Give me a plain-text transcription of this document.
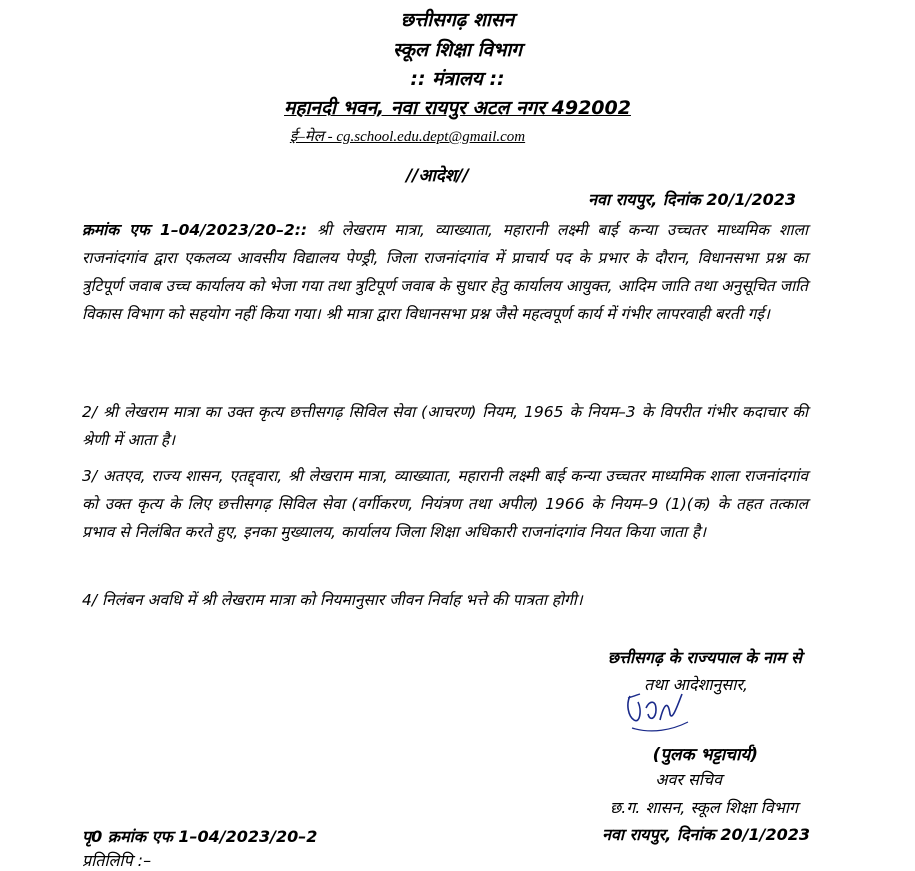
छत्तीसगढ़ शासन
स्कूल शिक्षा विभाग
:: मंत्रालय ::
महानदी भवन, नवा रायपुर अटल नगर 492002
ई–मेल - cg.school.edu.dept@gmail.com
//आदेश//
नवा रायपुर, दिनांक 20/1/2023
क्रमांक एफ 1–04/2023/20–2:: श्री लेखराम मात्रा, व्याख्याता, महारानी लक्ष्मी बाई कन्या उच्चतर माध्यमिक शाला राजनांदगांव द्वारा एकलव्य आवसीय विद्यालय पेण्ड्री, जिला राजनांदगांव में प्राचार्य पद के प्रभार के दौरान, विधानसभा प्रश्न का त्रुटिपूर्ण जवाब उच्च कार्यालय को भेजा गया तथा त्रुटिपूर्ण जवाब के सुधार हेतु कार्यालय आयुक्त, आदिम जाति तथा अनुसूचित जाति विकास विभाग को सहयोग नहीं किया गया। श्री मात्रा द्वारा विधानसभा प्रश्न जैसे महत्वपूर्ण कार्य में गंभीर लापरवाही बरती गई।
2/ श्री लेखराम मात्रा का उक्त कृत्य छत्तीसगढ़ सिविल सेवा (आचरण) नियम, 1965 के नियम–3 के विपरीत गंभीर कदाचार की श्रेणी में आता है।
3/ अतएव, राज्य शासन, एतद्द्वारा, श्री लेखराम मात्रा, व्याख्याता, महारानी लक्ष्मी बाई कन्या उच्चतर माध्यमिक शाला राजनांदगांव को उक्त कृत्य के लिए छत्तीसगढ़ सिविल सेवा (वर्गीकरण, नियंत्रण तथा अपील) 1966 के नियम–9 (1)(क) के तहत तत्काल प्रभाव से निलंबित करते हुए, इनका मुख्यालय, कार्यालय जिला शिक्षा अधिकारी राजनांदगांव नियत किया जाता है।
4/ निलंबन अवधि में श्री लेखराम मात्रा को नियमानुसार जीवन निर्वाह भत्ते की पात्रता होगी।
छत्तीसगढ़ के राज्यपाल के नाम से
तथा आदेशानुसार,
(पुलक भट्टाचार्य)
अवर सचिव
छ.ग. शासन, स्कूल शिक्षा विभाग
नवा रायपुर, दिनांक 20/1/2023
पृ0 क्रमांक एफ 1–04/2023/20–2
प्रतिलिपि :–
